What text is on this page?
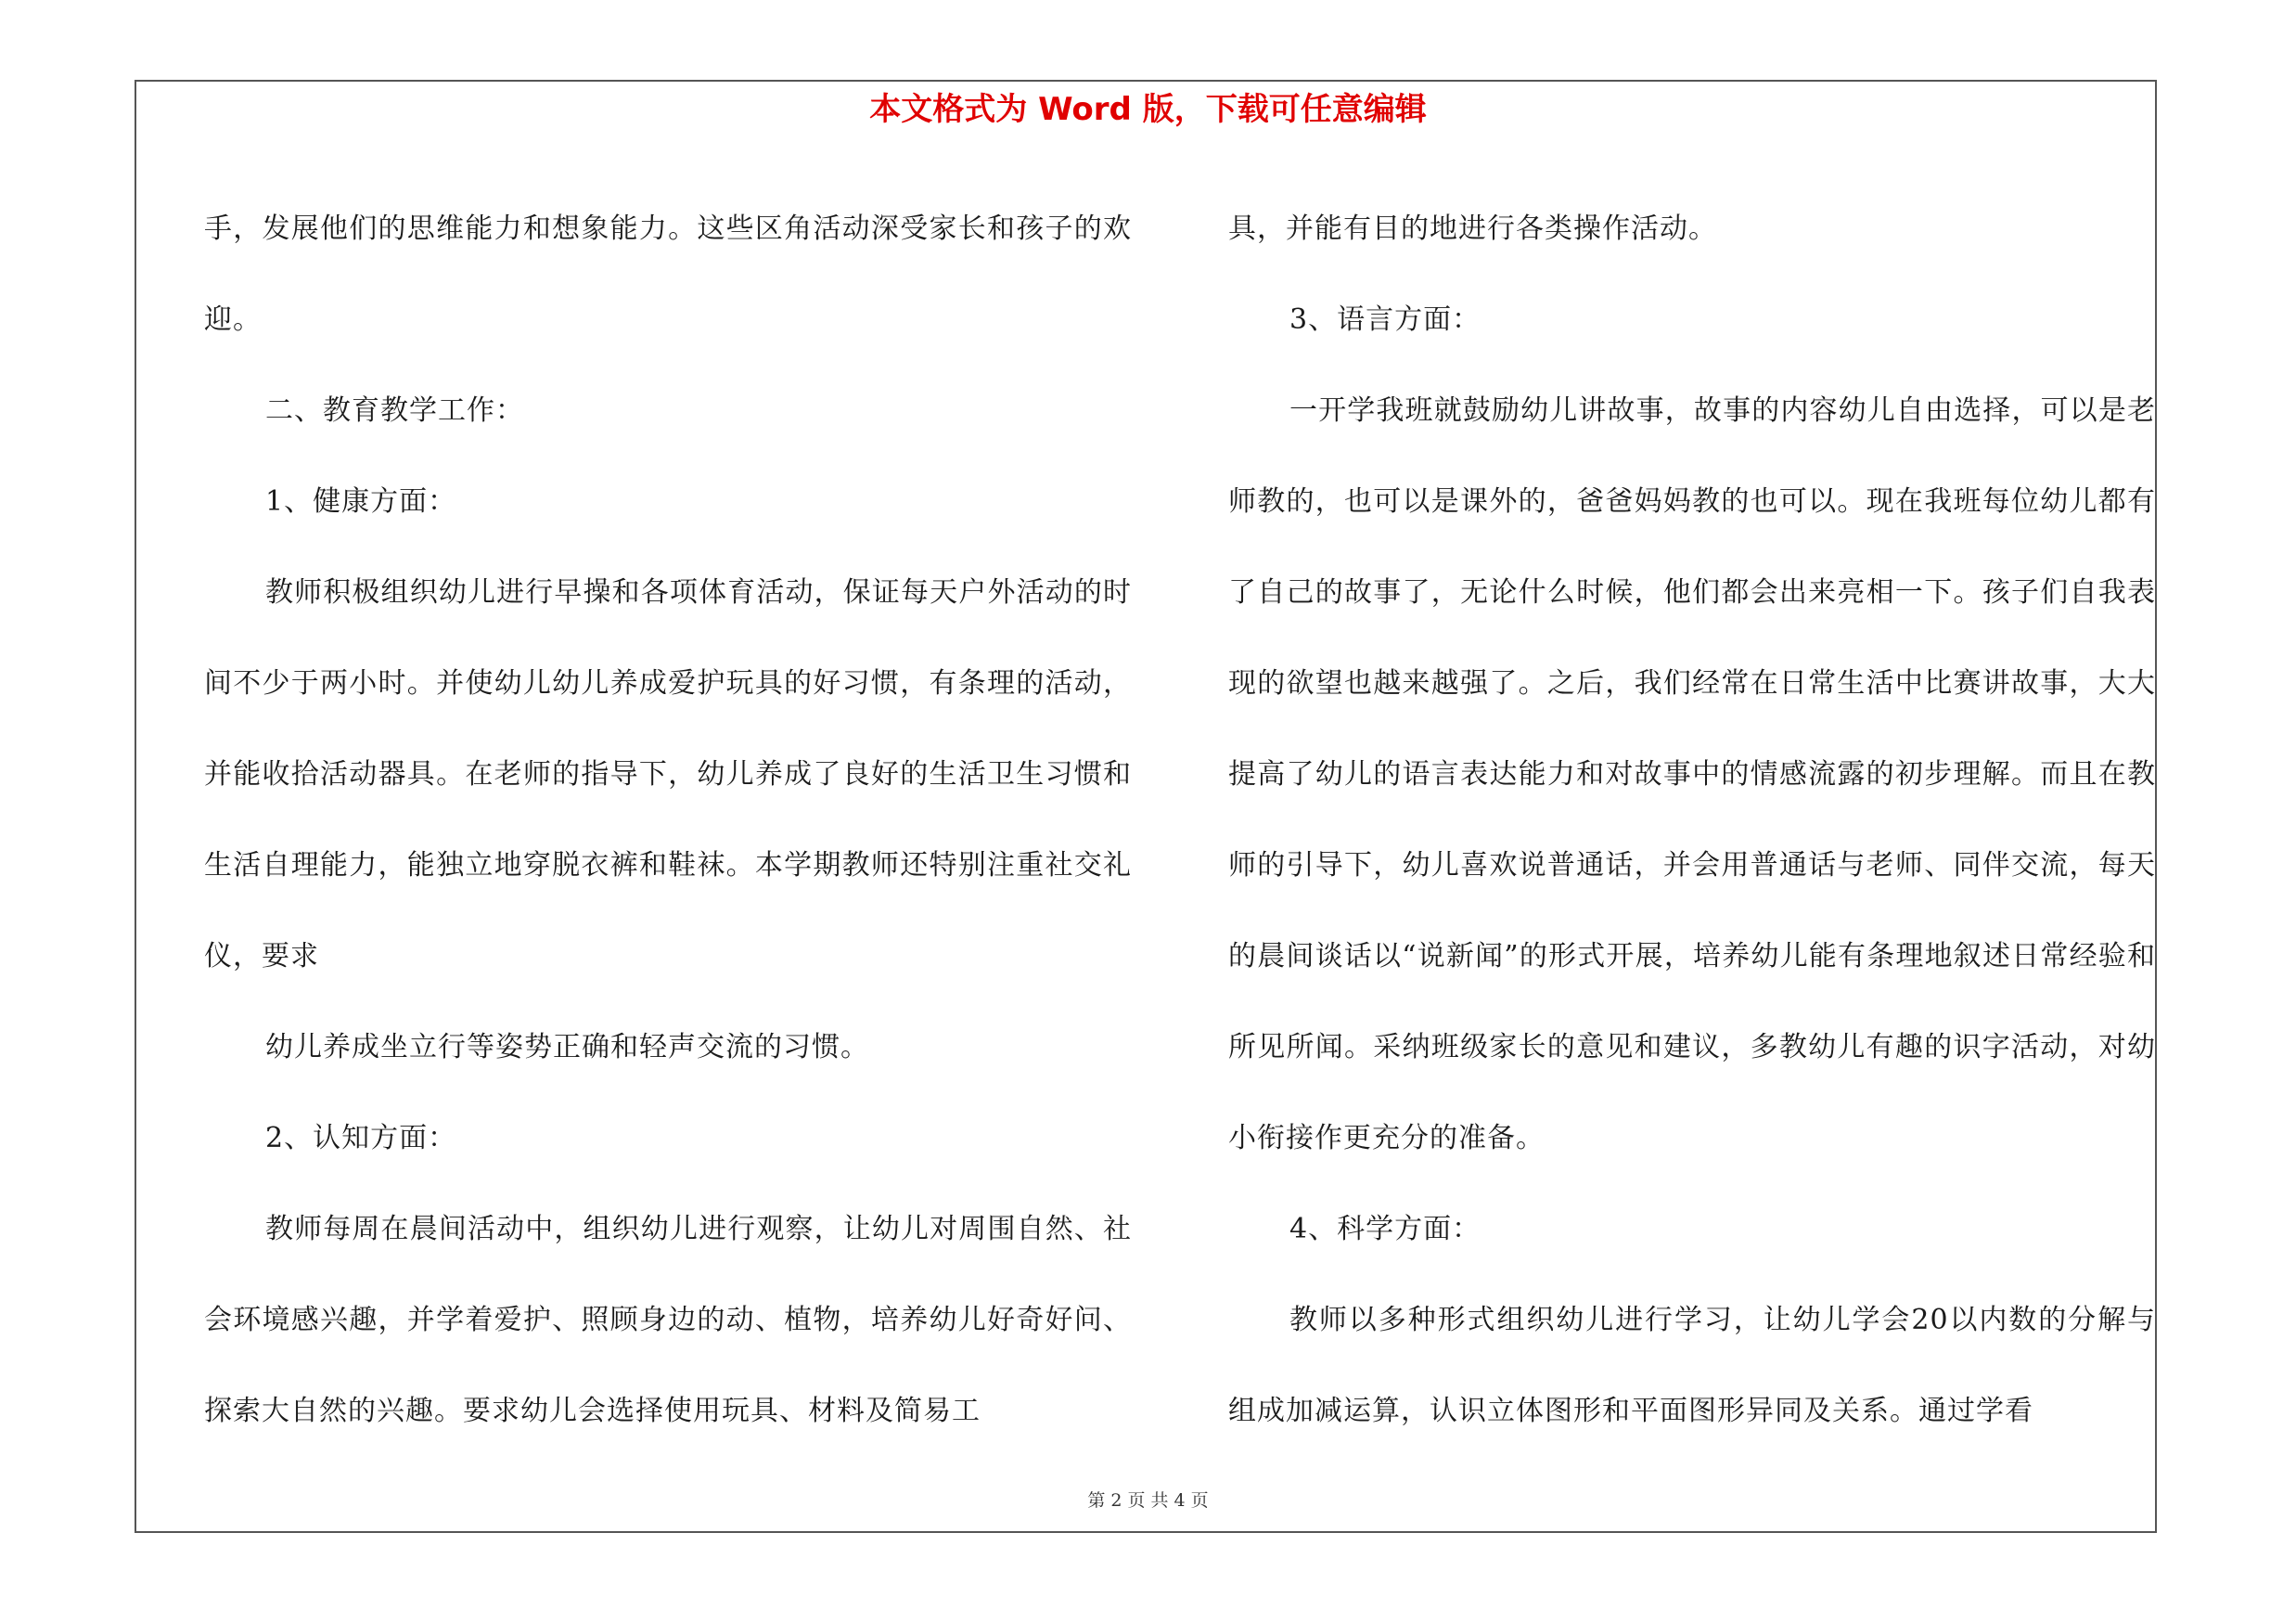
本文格式为 Word 版，下载可任意编辑

手，发展他们的思维能力和想象能力。这些区角活动深受家长和孩子的欢迎。

二、教育教学工作：

1、健康方面：

教师积极组织幼儿进行早操和各项体育活动，保证每天户外活动的时间不少于两小时。并使幼儿幼儿养成爱护玩具的好习惯，有条理的活动，并能收拾活动器具。在老师的指导下，幼儿养成了良好的生活卫生习惯和生活自理能力，能独立地穿脱衣裤和鞋袜。本学期教师还特别注重社交礼仪，要求

幼儿养成坐立行等姿势正确和轻声交流的习惯。

2、认知方面：

教师每周在晨间活动中，组织幼儿进行观察，让幼儿对周围自然、社会环境感兴趣，并学着爱护、照顾身边的动、植物，培养幼儿好奇好问、探索大自然的兴趣。要求幼儿会选择使用玩具、材料及简易工

具，并能有目的地进行各类操作活动。

3、语言方面：

一开学我班就鼓励幼儿讲故事，故事的内容幼儿自由选择，可以是老师教的，也可以是课外的，爸爸妈妈教的也可以。现在我班每位幼儿都有了自己的故事了，无论什么时候，他们都会出来亮相一下。孩子们自我表现的欲望也越来越强了。之后，我们经常在日常生活中比赛讲故事，大大提高了幼儿的语言表达能力和对故事中的情感流露的初步理解。而且在教师的引导下，幼儿喜欢说普通话，并会用普通话与老师、同伴交流，每天的晨间谈话以“说新闻”的形式开展，培养幼儿能有条理地叙述日常经验和所见所闻。采纳班级家长的意见和建议，多教幼儿有趣的识字活动，对幼小衔接作更充分的准备。

4、科学方面：

教师以多种形式组织幼儿进行学习，让幼儿学会20以内数的分解与组成加减运算，认识立体图形和平面图形异同及关系。通过学看

第 2 页 共 4 页
